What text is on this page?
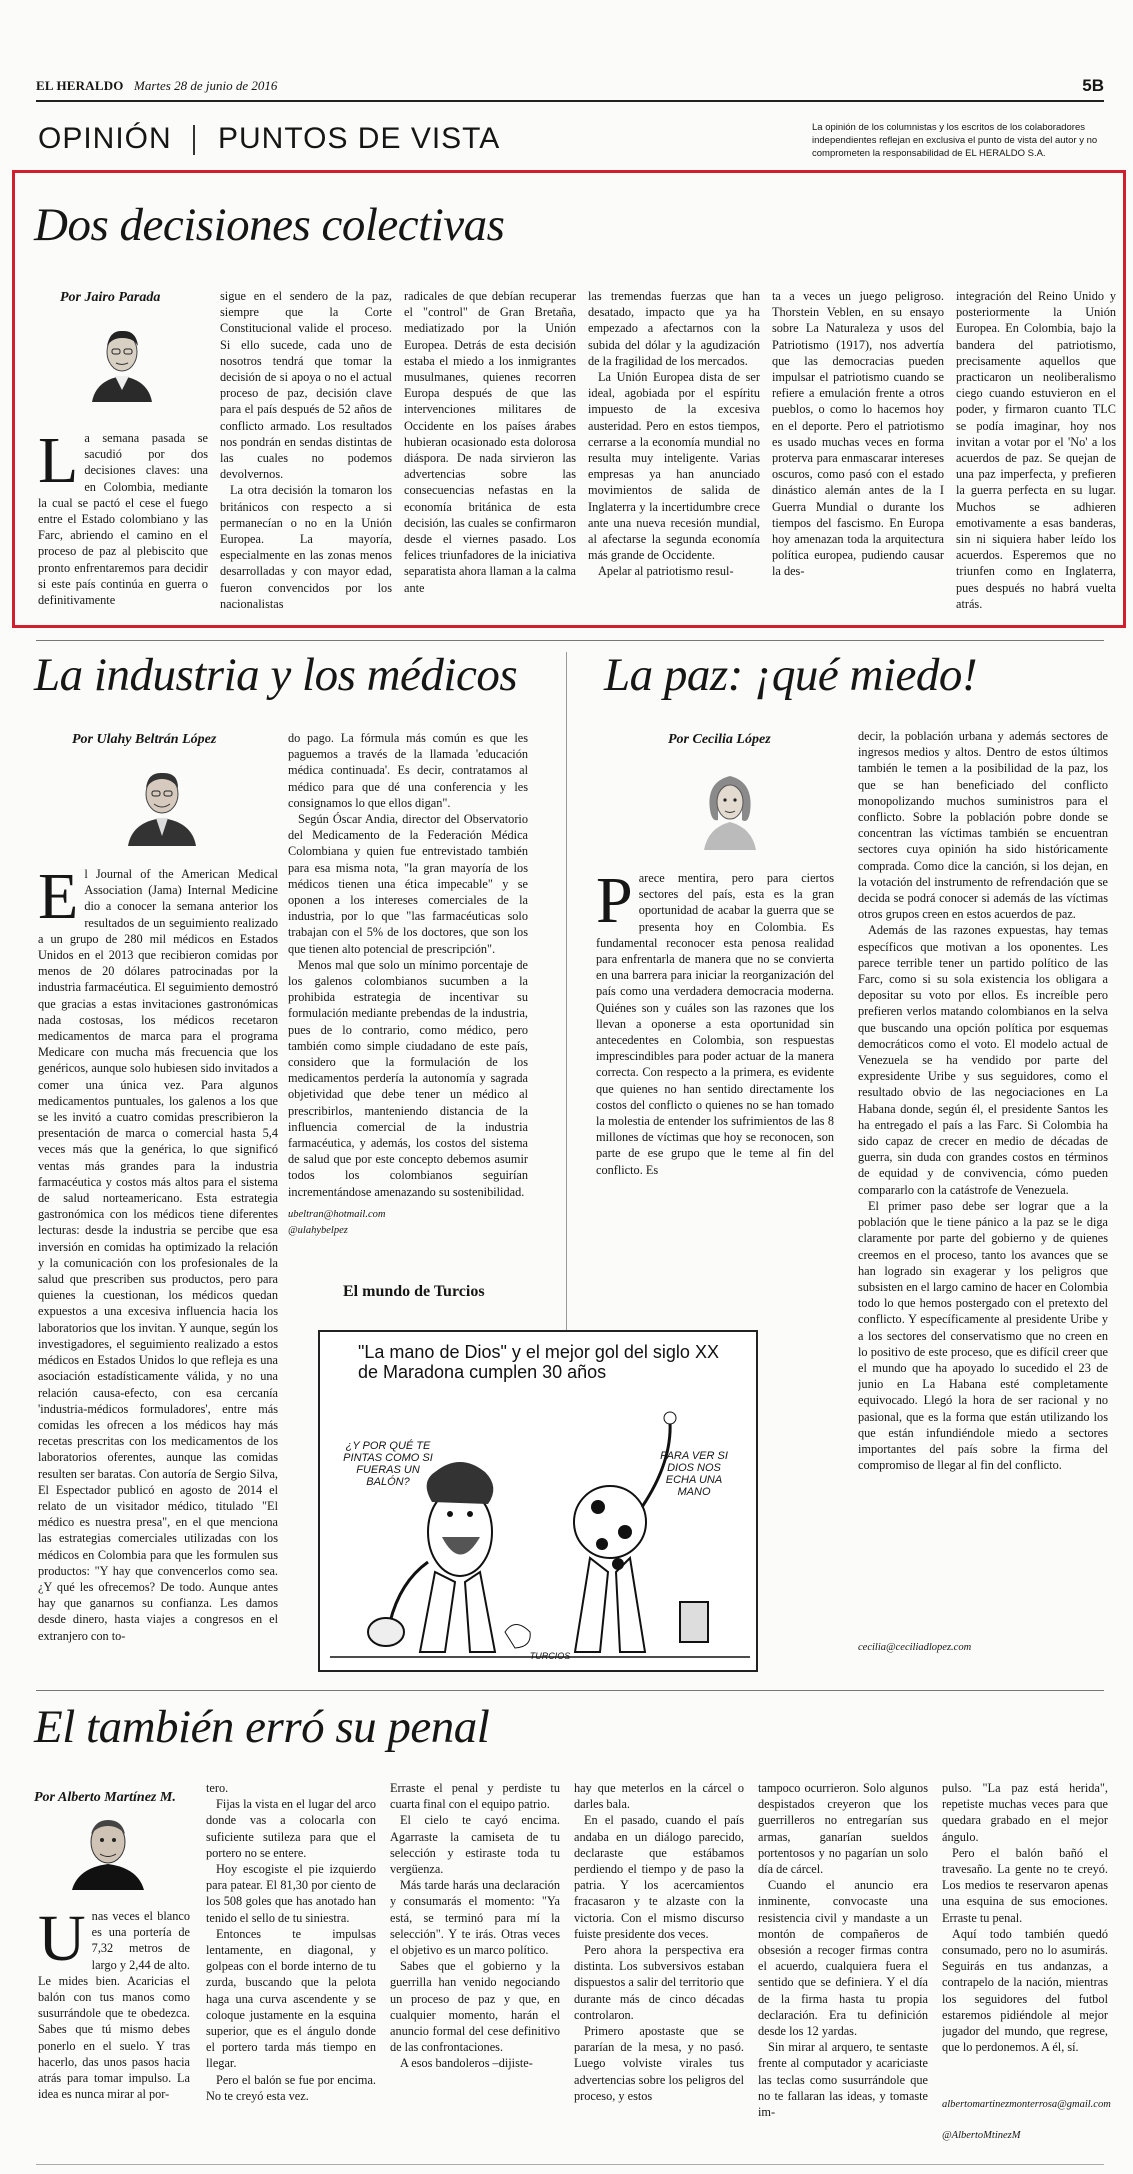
EL HERALDO Martes 28 de junio de 2016	5B
OPINIÓN PUNTOS DE VISTA	La opinión de los columnistas y los escritos de los colaboradores independientes reflejan en exclusiva el punto de vista del autor y no comprometen la responsabilidad de EL HERALDO S.A.
Dos decisiones colectivas
Por Jairo Parada
L a semana pasada se sacudió por dos decisiones claves: una en Colombia, mediante la cual se pactó el cese el fuego entre el Estado colombiano y las Farc, abriendo el camino en el proceso de paz al plebiscito que pronto enfrentaremos para decidir si este país continúa en guerra o definitivamente

sigue en el sendero de la paz, siempre que la Corte Constitucional valide el proceso. Si ello sucede, cada uno de nosotros tendrá que tomar la decisión de si apoya o no el actual proceso de paz, decisión clave para el país después de 52 años de conflicto armado. Los resultados nos pondrán en sendas distintas de las cuales no podemos devolvernos.

La otra decisión la tomaron los británicos con respecto a si permanecían o no en la Unión Europea. La mayoría, especialmente en las zonas menos desarrolladas y con mayor edad, fueron convencidos por los nacionalistas

radicales de que debían recuperar el "control" de Gran Bretaña, mediatizado por la Unión Europea. Detrás de esta decisión estaba el miedo a los inmigrantes musulmanes, quienes recorren Europa después de que las intervenciones militares de Occidente en los países árabes hubieran ocasionado esta dolorosa diáspora. De nada sirvieron las advertencias sobre las consecuencias nefastas en la economía británica de esta decisión, las cuales se confirmaron desde el viernes pasado. Los felices triunfadores de la iniciativa separatista ahora llaman a la calma ante

las tremendas fuerzas que han desatado, impacto que ya ha empezado a afectarnos con la subida del dólar y la agudización de la fragilidad de los mercados.

La Unión Europea dista de ser ideal, agobiada por el espíritu impuesto de la excesiva austeridad. Pero en estos tiempos, cerrarse a la economía mundial no resulta muy inteligente. Varias empresas ya han anunciado movimientos de salida de Inglaterra y la incertidumbre crece ante una nueva recesión mundial, al afectarse la segunda economía más grande de Occidente.

Apelar al patriotismo resul-

ta a veces un juego peligroso. Thorstein Veblen, en su ensayo sobre La Naturaleza y usos del Patriotismo (1917), nos advertía que las democracias pueden impulsar el patriotismo cuando se refiere a emulación frente a otros pueblos, o como lo hacemos hoy en el deporte. Pero el patriotismo es usado muchas veces en forma proterva para enmascarar intereses oscuros, como pasó con el estado dinástico alemán antes de la I Guerra Mundial o durante los tiempos del fascismo. En Europa hoy amenazan toda la arquitectura política europea, pudiendo causar la des-
integración del Reino Unido y posteriormente la Unión Europea. En Colombia, bajo la bandera del patriotismo, precisamente aquellos que practicaron un neoliberalismo ciego cuando estuvieron en el poder, y firmaron cuanto TLC se podía imaginar, hoy nos invitan a votar por el 'No' a los acuerdos de paz. Se quejan de una paz imperfecta, y prefieren la guerra perfecta en su lugar. Muchos se adhieren emotivamente a esas banderas, sin ni siquiera haber leído los acuerdos. Esperemos que no triunfen como en Inglaterra, pues después no habrá vuelta atrás.
La industria y los médicos
Por Ulahy Beltrán López
E l Journal of the American Medical Association (Jama) Internal Medicine dio a conocer la semana anterior los resultados de un seguimiento realizado a un grupo de 280 mil médicos en Estados Unidos en el 2013 que recibieron comidas por menos de 20 dólares patrocinadas por la industria farmacéutica. El seguimiento demostró que gracias a estas invitaciones gastronómicas nada costosas, los médicos recetaron medicamentos de marca para el programa Medicare con mucha más frecuencia que los genéricos, aunque solo hubiesen sido invitados a comer una única vez. Para algunos medicamentos puntuales, los galenos a los que se les invitó a cuatro comidas prescribieron la presentación de marca o comercial hasta 5,4 veces más que la genérica, lo que significó ventas más grandes para la industria farmacéutica y costos más altos para el sistema de salud norteamericano. Esta estrategia gastronómica con los médicos tiene diferentes lecturas: desde la industria se percibe que esa inversión en comidas ha optimizado la relación y la comunicación con los profesionales de la salud que prescriben sus productos, pero para quienes la cuestionan, los médicos quedan expuestos a una excesiva influencia hacia los laboratorios que los invitan. Y aunque, según los investigadores, el seguimiento realizado a estos médicos en Estados Unidos lo que refleja es una asociación estadísticamente válida, y no una relación causa-efecto, con esa cercanía 'industria-médicos formuladores', entre más comidas les ofrecen a los médicos hay más recetas prescritas con los medicamentos de los laboratorios oferentes, aunque las comidas resulten ser baratas. Con autoría de Sergio Silva, El Espectador publicó en agosto de 2014 el relato de un visitador médico, titulado "El médico es nuestra presa", en el que menciona las estrategias comerciales utilizadas con los médicos en Colombia para que les formulen sus productos: "Y hay que convencerlos como sea. ¿Y qué les ofrecemos? De todo. Aunque antes hay que ganarnos su confianza. Les damos desde dinero, hasta viajes a congresos en el extranjero con to-

do pago. La fórmula más común es que les paguemos a través de la llamada 'educación médica continuada'. Es decir, contratamos al médico para que dé una conferencia y les consignamos lo que ellos digan".

Según Óscar Andia, director del Observatorio del Medicamento de la Federación Médica Colombiana y quien fue entrevistado también para esa misma nota, "la gran mayoría de los médicos tienen una ética impecable" y se oponen a los intereses comerciales de la industria, por lo que "las farmacéuticas solo trabajan con el 5% de los doctores, que son los que tienen alto potencial de prescripción".

Menos mal que solo un mínimo porcentaje de los galenos colombianos sucumben a la prohibida estrategia de incentivar su formulación mediante prebendas de la industria, pues de lo contrario, como médico, pero también como simple ciudadano de este país, considero que la formulación de los medicamentos perdería la autonomía y sagrada objetividad que debe tener un médico al prescribirlos, manteniendo distancia de la influencia comercial de la industria farmacéutica, y además, los costos del sistema de salud que por este concepto debemos asumir todos los colombianos seguirían incrementándose amenazando su sostenibilidad.

ubeltran@hotmail.com
@ulahybelpez
El mundo de Turcios
"La mano de Dios" y el mejor gol del siglo XX de Maradona cumplen 30 años
¿Y POR QUÉ TE PINTAS COMO SI FUERAS UN BALÓN?
PARA VER SI DIOS NOS ECHA UNA MANO
TURCIOS
La paz: ¡qué miedo!
Por Cecilia López
P arece mentira, pero para ciertos sectores del país, esta es la gran oportunidad de acabar la guerra que se presenta hoy en Colombia. Es fundamental reconocer esta penosa realidad para enfrentarla de manera que no se convierta en una barrera para iniciar la reorganización del país como una verdadera democracia moderna. Quiénes son y cuáles son las razones que los llevan a oponerse a esta oportunidad sin antecedentes en Colombia, son respuestas imprescindibles para poder actuar de la manera correcta. Con respecto a la primera, es evidente que quienes no han sentido directamente los costos del conflicto o quienes no se han tomado la molestia de entender los sufrimientos de las 8 millones de víctimas que hoy se reconocen, son parte de ese grupo que le teme al fin del conflicto. Es

decir, la población urbana y además sectores de ingresos medios y altos. Dentro de estos últimos también le temen a la posibilidad de la paz, los que se han beneficiado del conflicto monopolizando muchos suministros para el conflicto. Sobre la población pobre donde se concentran las víctimas también se encuentran sectores cuya opinión ha sido históricamente comprada. Como dice la canción, si los dejan, en la votación del instrumento de refrendación que se decida se podrá conocer si además de las víctimas otros grupos creen en estos acuerdos de paz.

Además de las razones expuestas, hay temas específicos que motivan a los oponentes. Les parece terrible tener un partido político de las Farc, como si su sola existencia los obligara a depositar su voto por ellos. Es increíble pero prefieren verlos matando colombianos en la selva que buscando una opción política por esquemas democráticos como el voto. El modelo actual de Venezuela se ha vendido por parte del expresidente Uribe y sus seguidores, como el resultado obvio de las negociaciones en La Habana donde, según él, el presidente Santos les ha entregado el país a las Farc. Si Colombia ha sido capaz de crecer en medio de décadas de guerra, sin duda con grandes costos en términos de equidad y de convivencia, cómo pueden compararlo con la catástrofe de Venezuela.

El primer paso debe ser lograr que a la población que le tiene pánico a la paz se le diga claramente por parte del gobierno y de quienes creemos en el proceso, tanto los avances que se han logrado sin exagerar y los peligros que subsisten en el largo camino de hacer en Colombia todo lo que hemos postergado con el pretexto del conflicto. Y específicamente al presidente Uribe y a los sectores del conservatismo que no creen en lo positivo de este proceso, que es difícil creer que el mundo que ha apoyado lo sucedido el 23 de junio en La Habana esté completamente equivocado. Llegó la hora de ser racional y no pasional, que es la forma que están utilizando los que están infundiéndole miedo a sectores importantes del país sobre la firma del compromiso de llegar al fin del conflicto.

cecilia@ceciliadlopez.com
El también erró su penal
Por Alberto Martínez M.
U nas veces el blanco es una portería de 7,32 metros de largo y 2,44 de alto. Le mides bien. Acaricias el balón con tus manos como susurrándole que te obedezca. Sabes que tú mismo debes ponerlo en el suelo. Y tras hacerlo, das unos pasos hacia atrás para tomar impulso. La idea es nunca mirar al por-

tero.

Fijas la vista en el lugar del arco donde vas a colocarla con suficiente sutileza para que el portero no se entere.

Hoy escogiste el pie izquierdo para patear. El 81,30 por ciento de los 508 goles que has anotado han tenido el sello de tu siniestra.

Entonces te impulsas lentamente, en diagonal, y golpeas con el borde interno de tu zurda, buscando que la pelota haga una curva ascendente y se coloque justamente en la esquina superior, que es el ángulo donde el portero tarda más tiempo en llegar.

Pero el balón se fue por encima. No te creyó esta vez.

Erraste el penal y perdiste tu cuarta final con el equipo patrio.

El cielo te cayó encima. Agarraste la camiseta de tu selección y estiraste toda tu vergüenza.

Más tarde harás una declaración y consumarás el momento: "Ya está, se terminó para mí la selección". Y te irás. Otras veces el objetivo es un marco político.

Sabes que el gobierno y la guerrilla han venido negociando un proceso de paz y que, en cualquier momento, harán el anuncio formal del cese definitivo de las confrontaciones.

A esos bandoleros –dijiste-

hay que meterlos en la cárcel o darles bala.

En el pasado, cuando el país andaba en un diálogo parecido, declaraste que estábamos perdiendo el tiempo y de paso la patria. Y los acercamientos fracasaron y te alzaste con la victoria. Con el mismo discurso fuiste presidente dos veces.

Pero ahora la perspectiva era distinta. Los subversivos estaban dispuestos a salir del territorio que durante más de cinco décadas controlaron.

Primero apostaste que se pararían de la mesa, y no pasó. Luego volviste virales tus advertencias sobre los peligros del proceso, y estos

tampoco ocurrieron. Solo algunos despistados creyeron que los guerrilleros no entregarían sus armas, ganarían sueldos portentosos y no pagarían un solo día de cárcel.

Cuando el anuncio era inminente, convocaste una resistencia civil y mandaste a un montón de compañeros de obsesión a recoger firmas contra el acuerdo, cualquiera fuera el sentido que se definiera. Y el día de la firma hasta tu propia declaración. Era tu definición desde los 12 yardas.

Sin mirar al arquero, te sentaste frente al computador y acariciaste las teclas como susurrándole que no te fallaran las ideas, y tomaste im-

pulso. "La paz está herida", repetiste muchas veces para que quedara grabado en el mejor ángulo.

Pero el balón bañó el travesaño. La gente no te creyó. Los medios te reservaron apenas una esquina de sus emociones. Erraste tu penal.

Aquí todo también quedó consumado, pero no lo asumirás. Seguirás en tus andanzas, a contrapelo de la nación, mientras los seguidores del futbol estaremos pidiéndole al mejor jugador del mundo, que regrese, que lo perdonemos. A él, sí.

albertomartinezmonterrosa@gmail.com
@AlbertoMtinezM
